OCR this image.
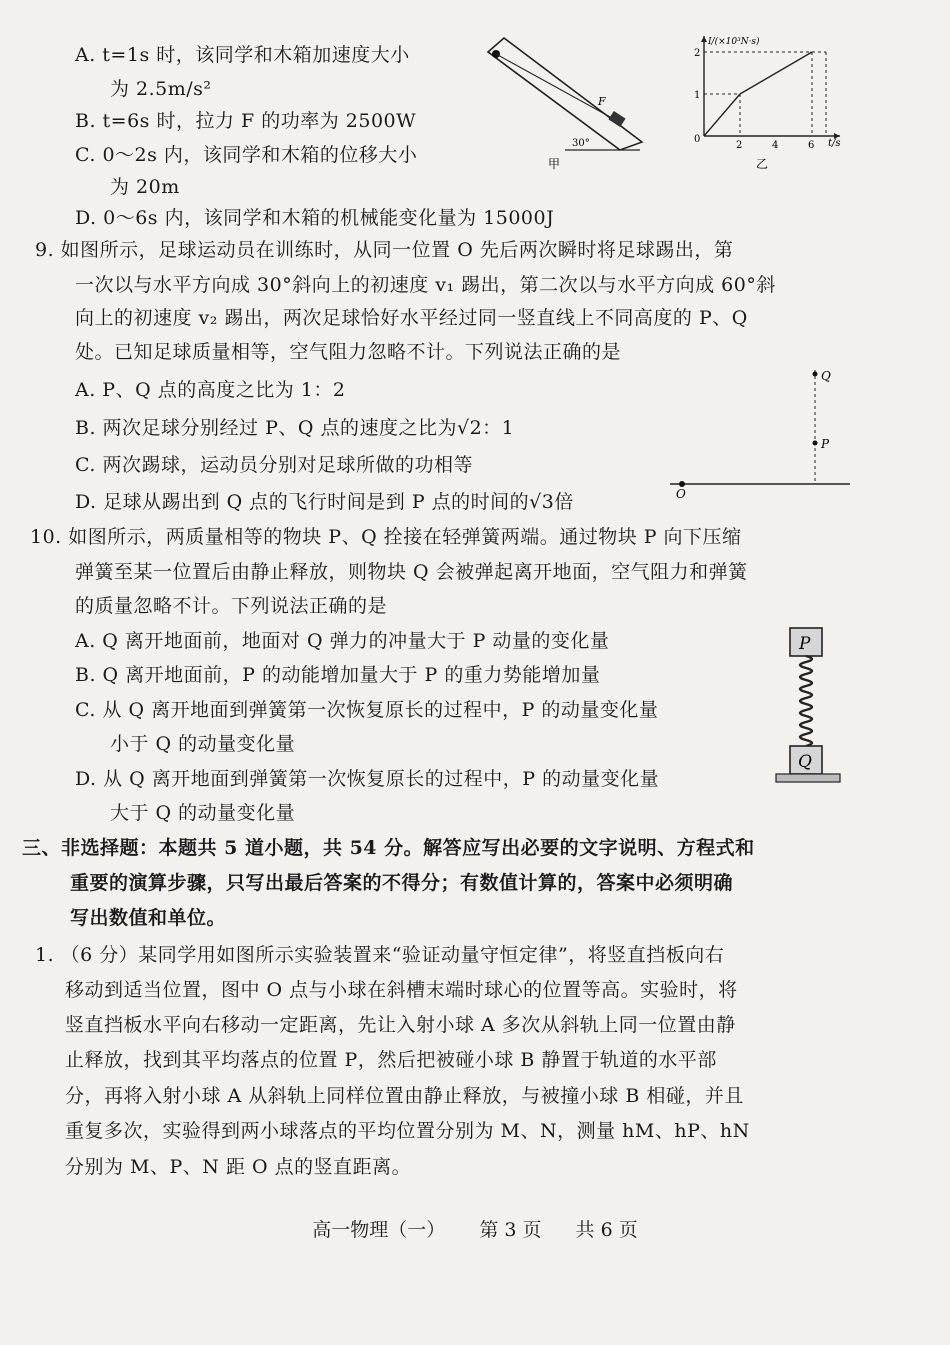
A. t=1s 时，该同学和木箱加速度大小
为 2.5m/s²
B. t=6s 时，拉力 F 的功率为 2500W
C. 0～2s 内，该同学和木箱的位移大小
为 20m
D. 0～6s 内，该同学和木箱的机械能变化量为 15000J
F
30°
甲
I/(×10³N·s)
t/s
0
1
2
2	4	6
乙
9. 如图所示，足球运动员在训练时，从同一位置 O 先后两次瞬时将足球踢出，第
一次以与水平方向成 30°斜向上的初速度 v₁ 踢出，第二次以与水平方向成 60°斜
向上的初速度 v₂ 踢出，两次足球恰好水平经过同一竖直线上不同高度的 P、Q
处。已知足球质量相等，空气阻力忽略不计。下列说法正确的是
A. P、Q 点的高度之比为 1：2
B. 两次足球分别经过 P、Q 点的速度之比为√2：1
C. 两次踢球，运动员分别对足球所做的功相等
D. 足球从踢出到 Q 点的飞行时间是到 P 点的时间的√3倍
Q
P
O
10. 如图所示，两质量相等的物块 P、Q 拴接在轻弹簧两端。通过物块 P 向下压缩
弹簧至某一位置后由静止释放，则物块 Q 会被弹起离开地面，空气阻力和弹簧
的质量忽略不计。下列说法正确的是
A. Q 离开地面前，地面对 Q 弹力的冲量大于 P 动量的变化量
B. Q 离开地面前，P 的动能增加量大于 P 的重力势能增加量
C. 从 Q 离开地面到弹簧第一次恢复原长的过程中，P 的动量变化量
小于 Q 的动量变化量
D. 从 Q 离开地面到弹簧第一次恢复原长的过程中，P 的动量变化量
大于 Q 的动量变化量
P
Q
三、非选择题：本题共 5 道小题，共 54 分。解答应写出必要的文字说明、方程式和
重要的演算步骤，只写出最后答案的不得分；有数值计算的，答案中必须明确
写出数值和单位。
1. （6 分）某同学用如图所示实验装置来“验证动量守恒定律”，将竖直挡板向右
移动到适当位置，图中 O 点与小球在斜槽末端时球心的位置等高。实验时，将
竖直挡板水平向右移动一定距离，先让入射小球 A 多次从斜轨上同一位置由静
止释放，找到其平均落点的位置 P，然后把被碰小球 B 静置于轨道的水平部
分，再将入射小球 A 从斜轨上同样位置由静止释放，与被撞小球 B 相碰，并且
重复多次，实验得到两小球落点的平均位置分别为 M、N，测量 hM、hP、hN
分别为 M、P、N 距 O 点的竖直距离。
高一物理（一） 第 3 页 共 6 页
